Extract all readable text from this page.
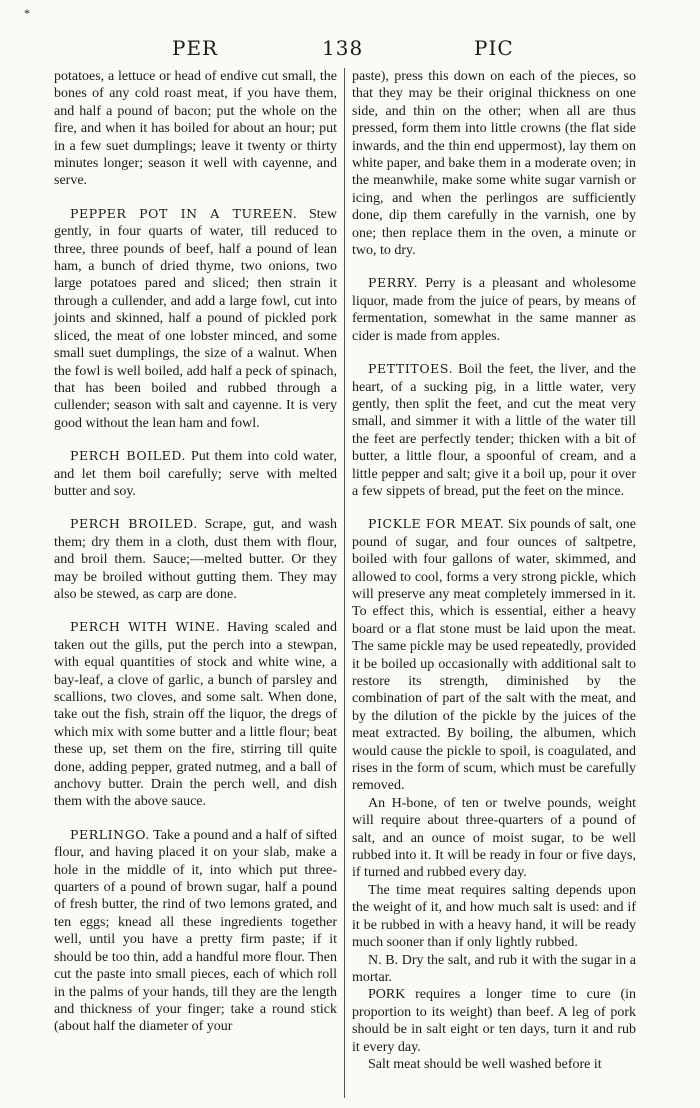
*
PER	138	PIC

potatoes, a lettuce or head of endive cut small, the bones of any cold roast meat, if you have them, and half a pound of bacon; put the whole on the fire, and when it has boiled for about an hour; put in a few suet dumplings; leave it twenty or thirty minutes longer; season it well with cayenne, and serve.

PEPPER POT IN A TUREEN. Stew gently, in four quarts of water, till reduced to three, three pounds of beef, half a pound of lean ham, a bunch of dried thyme, two onions, two large potatoes pared and sliced; then strain it through a cullender, and add a large fowl, cut into joints and skinned, half a pound of pickled pork sliced, the meat of one lobster minced, and some small suet dumplings, the size of a walnut. When the fowl is well boiled, add half a peck of spinach, that has been boiled and rubbed through a cullender; season with salt and cayenne. It is very good without the lean ham and fowl.

PERCH BOILED. Put them into cold water, and let them boil carefully; serve with melted butter and soy.

PERCH BROILED. Scrape, gut, and wash them; dry them in a cloth, dust them with flour, and broil them. Sauce;—melted butter. Or they may be broiled without gutting them. They may also be stewed, as carp are done.

PERCH WITH WINE. Having scaled and taken out the gills, put the perch into a stewpan, with equal quantities of stock and white wine, a bay-leaf, a clove of garlic, a bunch of parsley and scallions, two cloves, and some salt. When done, take out the fish, strain off the liquor, the dregs of which mix with some butter and a little flour; beat these up, set them on the fire, stirring till quite done, adding pepper, grated nutmeg, and a ball of anchovy butter. Drain the perch well, and dish them with the above sauce.

PERLINGO. Take a pound and a half of sifted flour, and having placed it on your slab, make a hole in the middle of it, into which put three-quarters of a pound of brown sugar, half a pound of fresh butter, the rind of two lemons grated, and ten eggs; knead all these ingredients together well, until you have a pretty firm paste; if it should be too thin, add a handful more flour. Then cut the paste into small pieces, each of which roll in the palms of your hands, till they are the length and thickness of your finger; take a round stick (about half the diameter of your

paste), press this down on each of the pieces, so that they may be their original thickness on one side, and thin on the other; when all are thus pressed, form them into little crowns (the flat side inwards, and the thin end uppermost), lay them on white paper, and bake them in a moderate oven; in the meanwhile, make some white sugar varnish or icing, and when the perlingos are sufficiently done, dip them carefully in the varnish, one by one; then replace them in the oven, a minute or two, to dry.

PERRY. Perry is a pleasant and wholesome liquor, made from the juice of pears, by means of fermentation, somewhat in the same manner as cider is made from apples.

PETTITOES. Boil the feet, the liver, and the heart, of a sucking pig, in a little water, very gently, then split the feet, and cut the meat very small, and simmer it with a little of the water till the feet are perfectly tender; thicken with a bit of butter, a little flour, a spoonful of cream, and a little pepper and salt; give it a boil up, pour it over a few sippets of bread, put the feet on the mince.

PICKLE FOR MEAT. Six pounds of salt, one pound of sugar, and four ounces of saltpetre, boiled with four gallons of water, skimmed, and allowed to cool, forms a very strong pickle, which will preserve any meat completely immersed in it. To effect this, which is essential, either a heavy board or a flat stone must be laid upon the meat. The same pickle may be used repeatedly, provided it be boiled up occasionally with additional salt to restore its strength, diminished by the combination of part of the salt with the meat, and by the dilution of the pickle by the juices of the meat extracted. By boiling, the albumen, which would cause the pickle to spoil, is coagulated, and rises in the form of scum, which must be carefully removed.

An H-bone, of ten or twelve pounds, weight will require about three-quarters of a pound of salt, and an ounce of moist sugar, to be well rubbed into it. It will be ready in four or five days, if turned and rubbed every day.

The time meat requires salting depends upon the weight of it, and how much salt is used: and if it be rubbed in with a heavy hand, it will be ready much sooner than if only lightly rubbed.

N. B. Dry the salt, and rub it with the sugar in a mortar.

PORK requires a longer time to cure (in proportion to its weight) than beef. A leg of pork should be in salt eight or ten days, turn it and rub it every day.

Salt meat should be well washed before it
